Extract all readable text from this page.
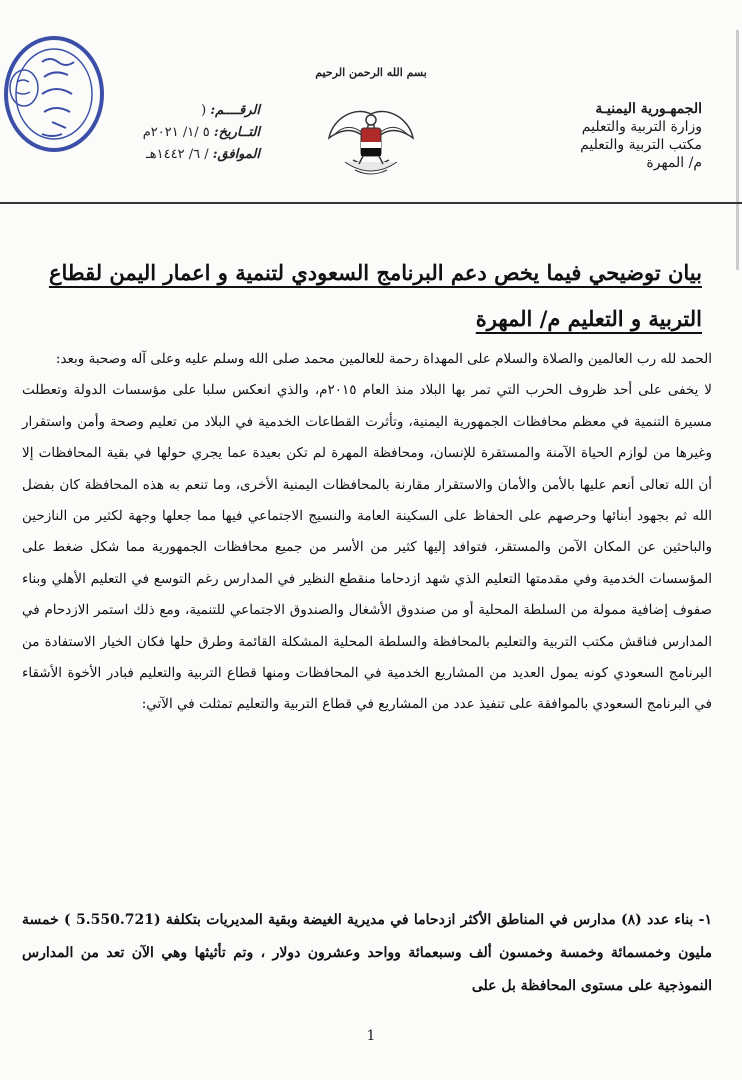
بسم الله الرحمن الرحيم
الجمهـورية اليمنيـة
وزارة التربية والتعليم
مكتب التربية والتعليم
م/ المهرة
الرقــــم: (
التــاريخ: ٥ /١/ ٢٠٢١م
الموافق: / ٦/ ١٤٤٢هـ
بيان توضيحي فيما يخص دعم البرنامج السعودي لتنمية و اعمار اليمن لقطاع
التربية و التعليم م/ المهرة

الحمد لله رب العالمين والصلاة والسلام على المهداة رحمة للعالمين محمد صلى الله وسلم عليه وعلى آله وصحبة وبعد:

لا يخفى على أحد ظروف الحرب التي تمر بها البلاد منذ العام ٢٠١٥م، والذي انعكس سلبا على مؤسسات الدولة وتعطلت مسيرة التنمية في معظم محافظات الجمهورية اليمنية، وتأثرت القطاعات الخدمية في البلاد من تعليم وصحة وأمن واستقرار وغيرها من لوازم الحياة الآمنة والمستقرة للإنسان، ومحافظة المهرة لم تكن بعيدة عما يجري حولها في بقية المحافظات إلا أن الله تعالى أنعم عليها بالأمن والأمان والاستقرار مقارنة بالمحافظات اليمنية الأخرى، وما تنعم به هذه المحافظة كان بفضل الله ثم بجهود أبنائها وحرصهم على الحفاظ على السكينة العامة والنسيج الاجتماعي فيها مما جعلها وجهة لكثير من النازحين والباحثين عن المكان الآمن والمستقر، فتوافد إليها كثير من الأسر من جميع محافظات الجمهورية مما شكل ضغط على المؤسسات الخدمية وفي مقدمتها التعليم الذي شهد ازدحاما منقطع النظير في المدارس رغم التوسع في التعليم الأهلي وبناء صفوف إضافية ممولة من السلطة المحلية أو من صندوق الأشغال والصندوق الاجتماعي للتنمية، ومع ذلك استمر الازدحام في المدارس فناقش مكتب التربية والتعليم بالمحافظة والسلطة المحلية المشكلة القائمة وطرق حلها فكان الخيار الاستفادة من البرنامج السعودي كونه يمول العديد من المشاريع الخدمية في المحافظات ومنها قطاع التربية والتعليم فبادر الأخوة الأشقاء في البرنامج السعودي بالموافقة على تنفيذ عدد من المشاريع في قطاع التربية والتعليم تمثلت في الآتي:

١- بناء عدد (٨) مدارس في المناطق الأكثر ازدحاما في مديرية الغيضة وبقية المديريات بتكلفة (5.550.721 ) خمسة مليون وخمسمائة وخمسة وخمسون ألف وسبعمائة وواحد وعشرون دولار ، وتم تأثيثها وهي الآن تعد من المدارس النموذجية على مستوى المحافظة بل على

1
